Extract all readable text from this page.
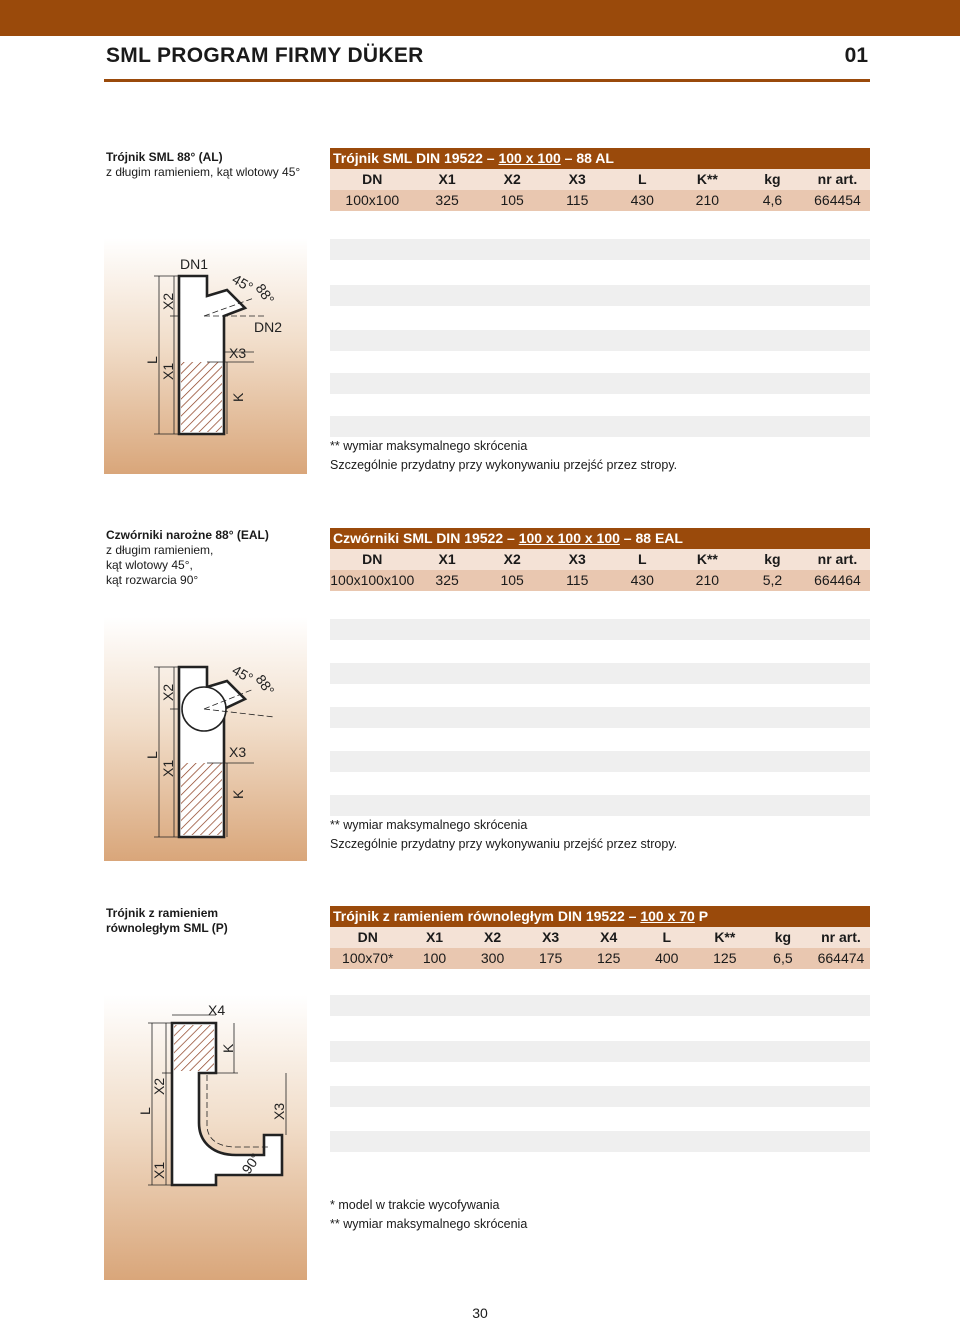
SML PROGRAM FIRMY DÜKER	01
Trójnik SML 88° (AL)
z długim ramieniem, kąt wlotowy 45°
Trójnik SML DIN 19522 – 100 x 100 – 88 AL
DN	X1	X2	X3	L	K**	kg	nr art.
100x100	325	105	115	430	210	4,6	664454
** wymiar maksymalnego skrócenia
Szczególnie przydatny przy wykonywaniu przejść przez stropy.
DN1
45°
88°
DN2
X3
L
X2
X1
K
Czwórniki narożne 88° (EAL)
z długim ramieniem,
kąt wlotowy 45°,
kąt rozwarcia 90°
Czwórniki SML DIN 19522 – 100 x 100 x 100 – 88 EAL
DN	X1	X2	X3	L	K**	kg	nr art.
100x100x100	325	105	115	430	210	5,2	664464
** wymiar maksymalnego skrócenia
Szczególnie przydatny przy wykonywaniu przejść przez stropy.
45°
88°
X3
L
X2
X1
K
Trójnik z ramieniem
równoległym SML (P)
Trójnik z ramieniem równoległym DIN 19522 – 100 x 70 P
DN	X1	X2	X3	X4	L	K**	kg	nr art.
100x70*	100	300	175	125	400	125	6,5	664474
* model w trakcie wycofywania
** wymiar maksymalnego skrócenia
X4
K
L
X2
X1
X3
90°
30
